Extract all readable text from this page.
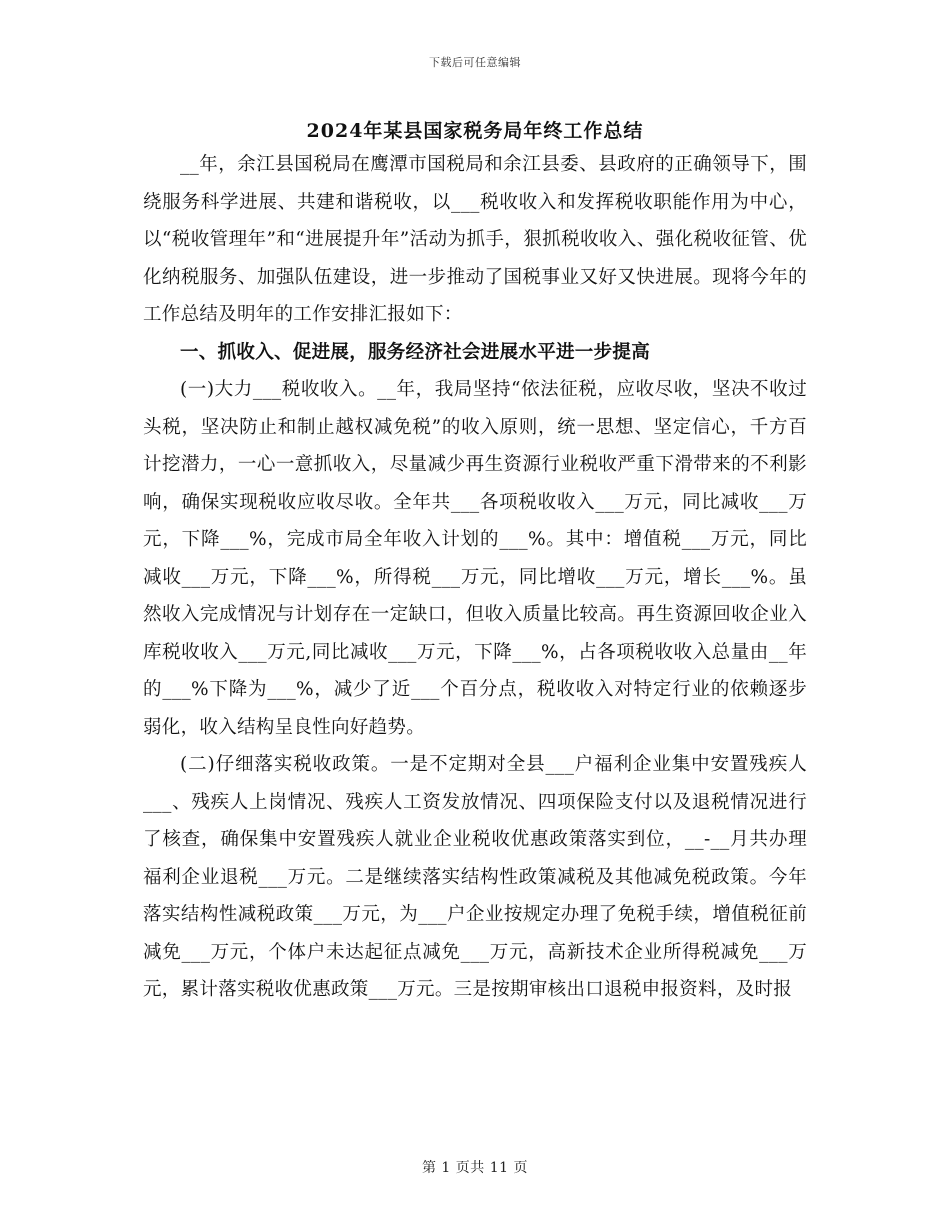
下载后可任意编辑
2024年某县国家税务局年终工作总结

__年，余江县国税局在鹰潭市国税局和余江县委、县政府的正确领导下，围绕服务科学进展、共建和谐税收，以___税收收入和发挥税收职能作用为中心，以“税收管理年”和“进展提升年”活动为抓手，狠抓税收收入、强化税收征管、优化纳税服务、加强队伍建设，进一步推动了国税事业又好又快进展。现将今年的工作总结及明年的工作安排汇报如下：

一、抓收入、促进展，服务经济社会进展水平进一步提高

(一)大力___税收收入。__年，我局坚持“依法征税，应收尽收，坚决不收过头税，坚决防止和制止越权减免税”的收入原则，统一思想、坚定信心，千方百计挖潜力，一心一意抓收入，尽量减少再生资源行业税收严重下滑带来的不利影响，确保实现税收应收尽收。全年共___各项税收收入___万元，同比减收___万元，下降___%，完成市局全年收入计划的___%。其中：增值税___万元，同比减收___万元，下降___%，所得税___万元，同比增收___万元，增长___%。虽然收入完成情况与计划存在一定缺口，但收入质量比较高。再生资源回收企业入库税收收入___万元,同比减收___万元，下降___%，占各项税收收入总量由__年的___%下降为___%，减少了近___个百分点，税收收入对特定行业的依赖逐步弱化，收入结构呈良性向好趋势。

(二)仔细落实税收政策。一是不定期对全县___户福利企业集中安置残疾人___、残疾人上岗情况、残疾人工资发放情况、四项保险支付以及退税情况进行了核查，确保集中安置残疾人就业企业税收优惠政策落实到位，__-__月共办理福利企业退税___万元。二是继续落实结构性政策减税及其他减免税政策。今年落实结构性减税政策___万元，为___户企业按规定办理了免税手续，增值税征前减免___万元，个体户未达起征点减免___万元，高新技术企业所得税减免___万元，累计落实税收优惠政策___万元。三是按期审核出口退税申报资料，及时报

第 1 页共 11 页
